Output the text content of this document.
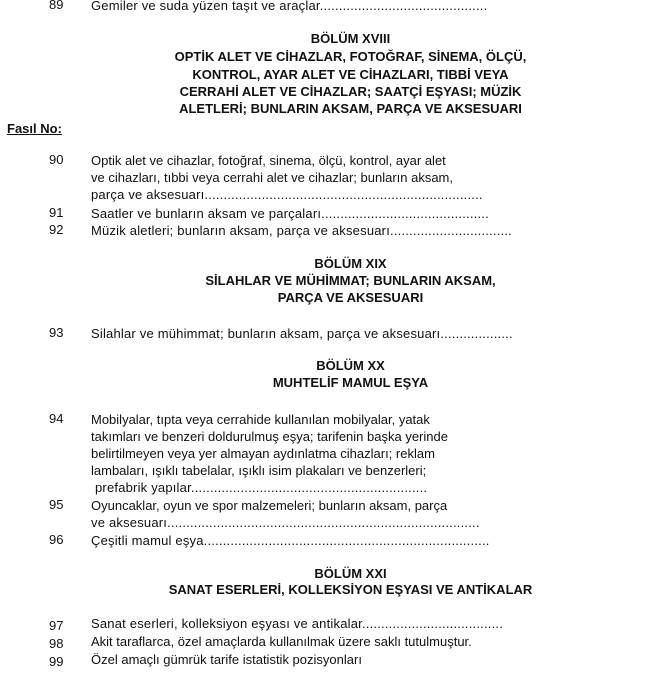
89 Gemiler ve suda yüzen taşıt ve araçlar............................................
BÖLÜM XVIII
OPTİK ALET VE CİHAZLAR, FOTOĞRAF, SİNEMA, ÖLÇÜ,
KONTROL, AYAR ALET VE CİHAZLARI, TIBBİ VEYA
CERRAHİ ALET VE CİHAZLAR; SAATÇİ EŞYASI; MÜZİK
ALETLERİ; BUNLARIN AKSAM, PARÇA VE AKSESUARI
Fasıl No:
90 Optik alet ve cihazlar, fotoğraf, sinema, ölçü, kontrol, ayar alet
ve cihazları, tıbbi veya cerrahi alet ve cihazlar; bunların aksam,
parça ve aksesuarı.........................................................................
91 Saatler ve bunların aksam ve parçaları............................................
92 Müzik aletleri; bunların aksam, parça ve aksesuarı................................
BÖLÜM XIX
SİLAHLAR VE MÜHİMMAT; BUNLARIN AKSAM,
PARÇA VE AKSESUARI
93 Silahlar ve mühimmat; bunların aksam, parça ve aksesuarı...................
BÖLÜM XX
MUHTELİF MAMUL EŞYA
94 Mobilyalar, tıpta veya cerrahide kullanılan mobilyalar, yatak
takımları ve benzeri doldurulmuş eşya; tarifenin başka yerinde
belirtilmeyen veya yer almayan aydınlatma cihazları; reklam
lambaları, ışıklı tabelalar, ışıklı isim plakaları ve benzerleri;
prefabrik yapılar..............................................................
95 Oyuncaklar, oyun ve spor malzemeleri; bunların aksam, parça
ve aksesuarı..................................................................................
96 Çeşitli mamul eşya...........................................................................
BÖLÜM XXI
SANAT ESERLERİ, KOLLEKSİYON EŞYASI VE ANTİKALAR
97 Sanat eserleri, kolleksiyon eşyası ve antikalar.....................................
98 Akit taraflarca, özel amaçlarda kullanılmak üzere saklı tutulmuştur.
99 Özel amaçlı gümrük tarife istatistik pozisyonları
